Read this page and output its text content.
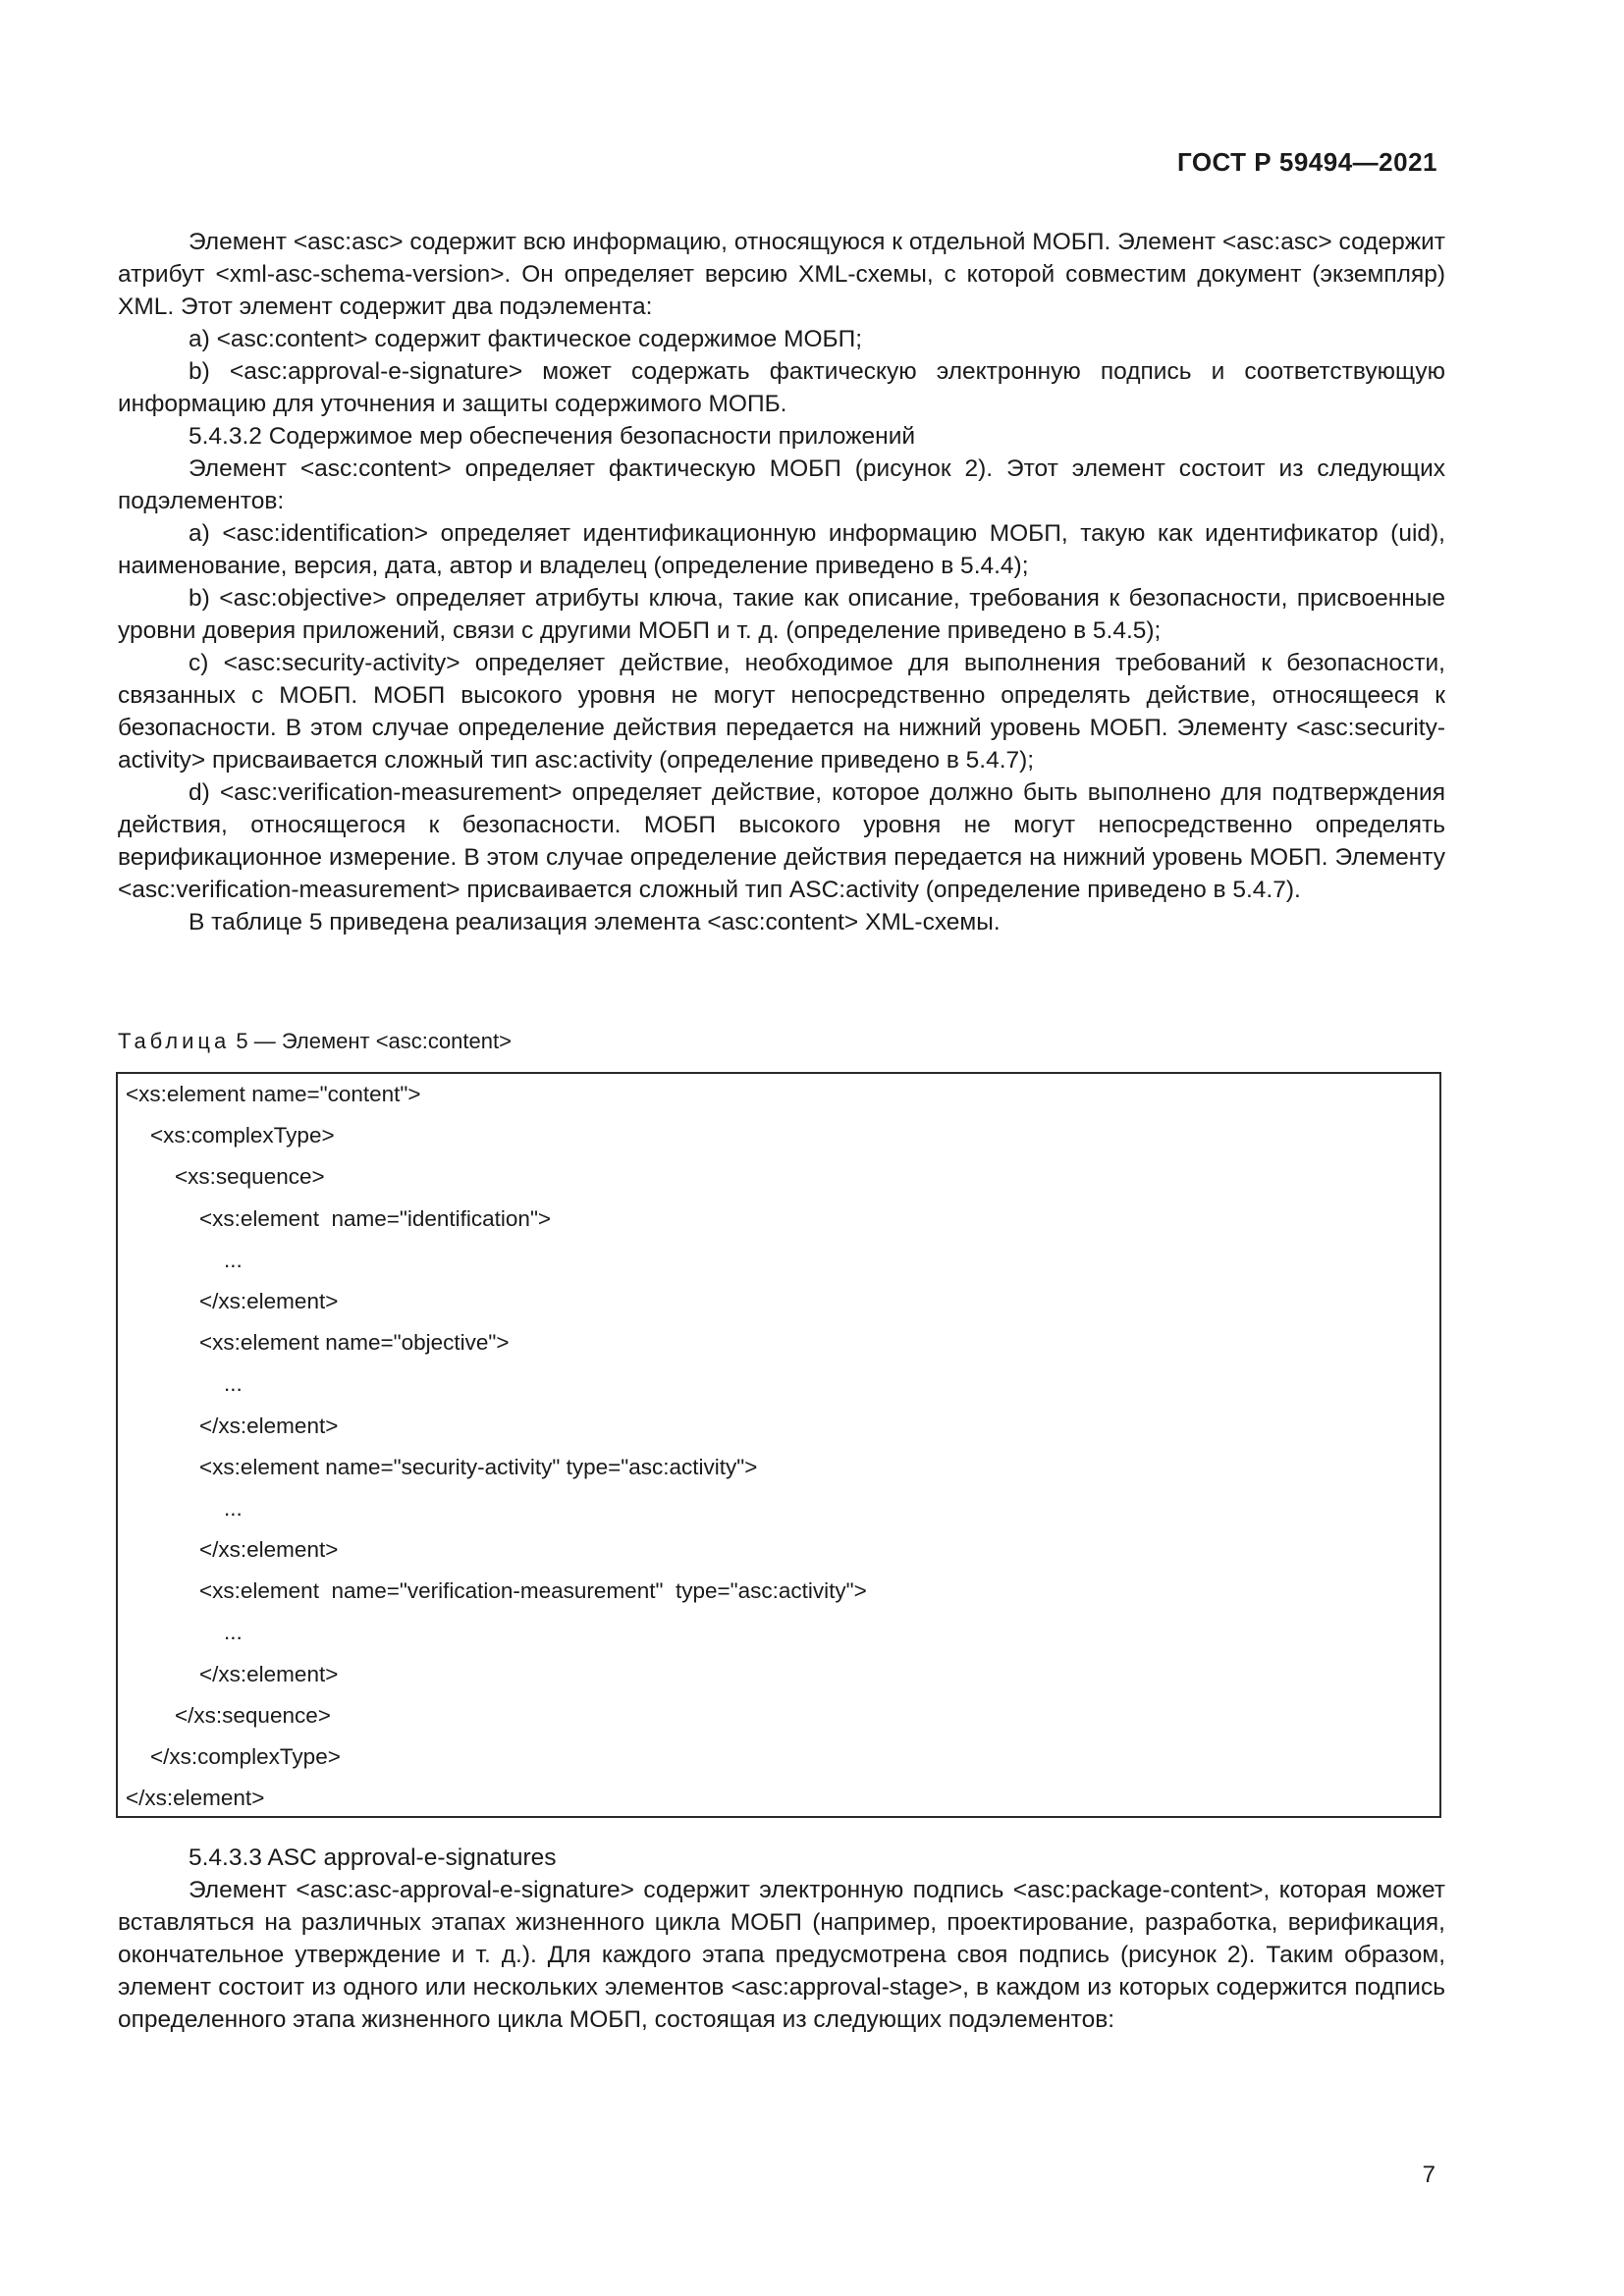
ГОСТ Р 59494—2021

Элемент <asc:asc> содержит всю информацию, относящуюся к отдельной МОБП. Элемент <asc:asc> содержит атрибут <xml-asc-schema-version>. Он определяет версию XML-схемы, с которой совместим документ (экземпляр) XML. Этот элемент содержит два подэлемента:

a) <asc:content> содержит фактическое содержимое МОБП;

b) <asc:approval-e-signature> может содержать фактическую электронную подпись и соответствующую информацию для уточнения и защиты содержимого МОПБ.

5.4.3.2 Содержимое мер обеспечения безопасности приложений

Элемент <asc:content> определяет фактическую МОБП (рисунок 2). Этот элемент состоит из следующих подэлементов:

a) <asc:identification> определяет идентификационную информацию МОБП, такую как идентификатор (uid), наименование, версия, дата, автор и владелец (определение приведено в 5.4.4);

b) <asc:objective> определяет атрибуты ключа, такие как описание, требования к безопасности, присвоенные уровни доверия приложений, связи с другими МОБП и т. д. (определение приведено в 5.4.5);

c) <asc:security-activity> определяет действие, необходимое для выполнения требований к безопасности, связанных с МОБП. МОБП высокого уровня не могут непосредственно определять действие, относящееся к безопасности. В этом случае определение действия передается на нижний уровень МОБП. Элементу <asc:security-activity> присваивается сложный тип asc:activity (определение приведено в 5.4.7);

d) <asc:verification-measurement> определяет действие, которое должно быть выполнено для подтверждения действия, относящегося к безопасности. МОБП высокого уровня не могут непосредственно определять верификационное измерение. В этом случае определение действия передается на нижний уровень МОБП. Элементу <asc:verification-measurement> присваивается сложный тип ASC:activity (определение приведено в 5.4.7).

В таблице 5 приведена реализация элемента <asc:content> XML-схемы.

Таблица 5 — Элемент <asc:content>
<xs:element name="content">
<xs:complexType>
<xs:sequence>
<xs:element  name="identification">
...
</xs:element>
<xs:element name="objective">
...
</xs:element>
<xs:element name="security-activity" type="asc:activity">
...
</xs:element>
<xs:element  name="verification-measurement"  type="asc:activity">
...
</xs:element>
</xs:sequence>
</xs:complexType>
</xs:element>

5.4.3.3 ASC approval-e-signatures

Элемент <asc:asc-approval-e-signature> содержит электронную подпись <asc:package-content>, которая может вставляться на различных этапах жизненного цикла МОБП (например, проектирование, разработка, верификация, окончательное утверждение и т. д.). Для каждого этапа предусмотрена своя подпись (рисунок 2). Таким образом, элемент состоит из одного или нескольких элементов <asc:approval-stage>, в каждом из которых содержится подпись определенного этапа жизненного цикла МОБП, состоящая из следующих подэлементов:

7
